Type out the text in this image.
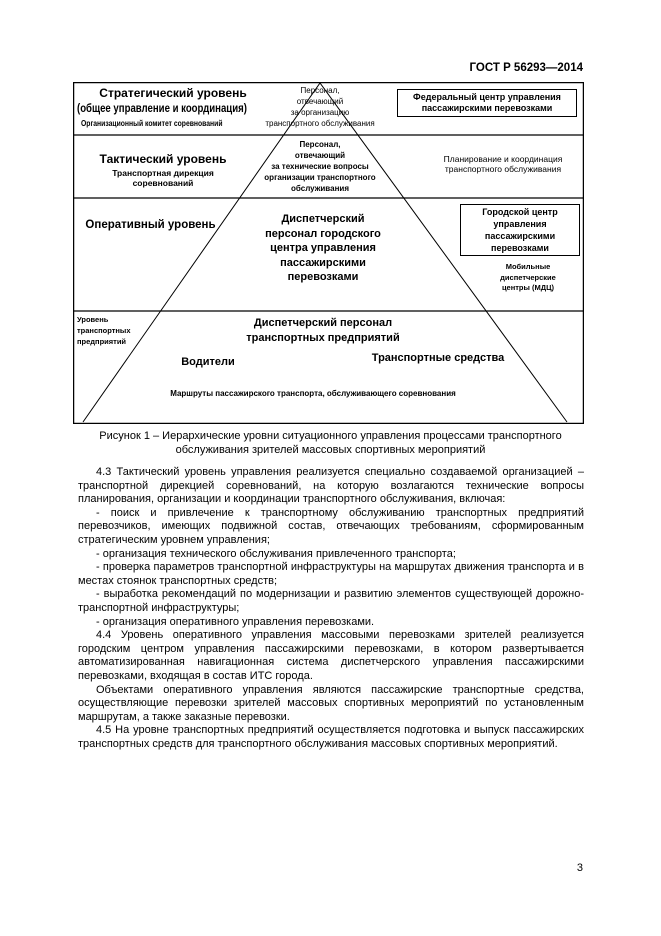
ГОСТ Р 56293—2014
Стратегический уровень
(общее управление и координация)
Организационный комитет соревнований
Персонал,
отвечающий
за организацию
транспортного обслуживания
Федеральный центр управления
пассажирскими перевозками
Тактический уровень
Транспортная дирекция
соревнований
Персонал,
отвечающий
за технические вопросы
организации транспортного
обслуживания
Планирование и координация
транспортного обслуживания
Оперативный уровень	Диспетчерский
персонал городского
центра управления
пассажирскими
перевозками
Городской центр
управления
пассажирскими
перевозками
Мобильные
диспетчерские
центры (МДЦ)
Уровень
транспортных
предприятий
Диспетчерский персонал
транспортных предприятий
Водители	Транспортные средства
Маршруты пассажирского транспорта, обслуживающего соревнования
Рисунок 1 – Иерархические уровни ситуационного управления процессами транспортного
обслуживания зрителей массовых спортивных мероприятий

4.3 Тактический уровень управления реализуется специально создаваемой организацией – транспортной дирекцией соревнований, на которую возлагаются технические вопросы планирования, организации и координации транспортного обслуживания, включая:

- поиск и привлечение к транспортному обслуживанию транспортных предприятий перевозчиков, имеющих подвижной состав, отвечающих требованиям, сформированным стратегическим уровнем управления;

- организация технического обслуживания привлеченного транспорта;

- проверка параметров транспортной инфраструктуры на маршрутах движения транспорта и в местах стоянок транспортных средств;

- выработка рекомендаций по модернизации и развитию элементов существующей дорожно-транспортной инфраструктуры;

- организация оперативного управления перевозками.

4.4 Уровень оперативного управления массовыми перевозками зрителей реализуется городским центром управления пассажирскими перевозками, в котором развертывается автоматизированная навигационная система диспетчерского управления пассажирскими перевозками, входящая в состав ИТС города.

Объектами оперативного управления являются пассажирские транспортные средства, осуществляющие перевозки зрителей массовых спортивных мероприятий по установленным маршрутам, а также заказные перевозки.

4.5 На уровне транспортных предприятий осуществляется подготовка и выпуск пассажирских транспортных средств для транспортного обслуживания массовых спортивных мероприятий.

3
